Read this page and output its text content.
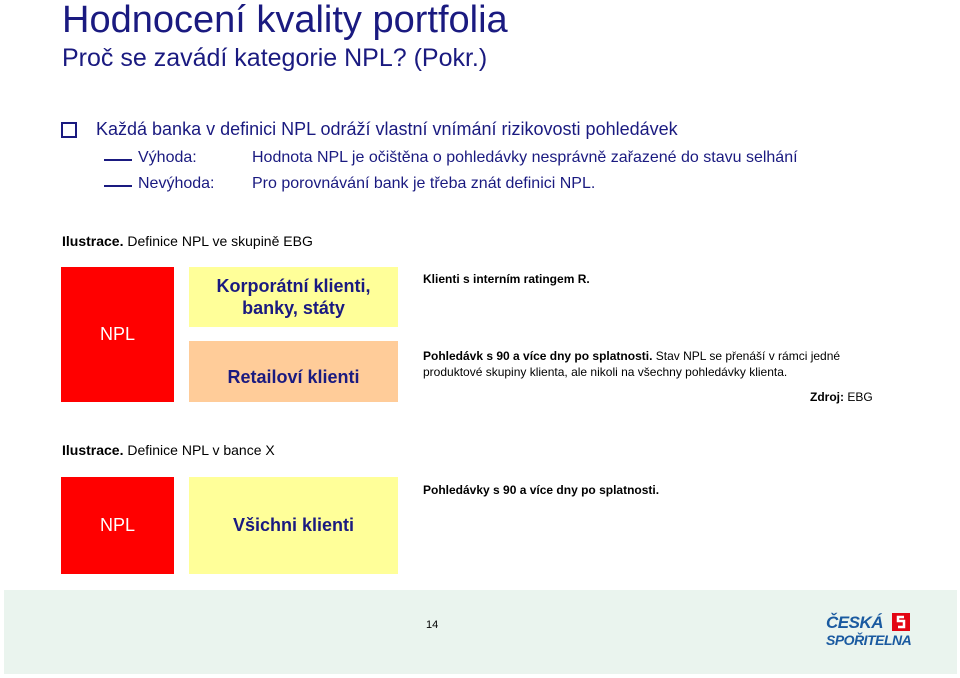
Hodnocení kvality portfolia
Proč se zavádí kategorie NPL? (Pokr.)
Každá banka v definici NPL odráží vlastní vnímání rizikovosti pohledávek
Výhoda:	Hodnota NPL je očištěna o pohledávky nesprávně zařazené do stavu selhání
Nevýhoda: Pro porovnávání bank je třeba znát definici NPL.
Ilustrace. Definice NPL ve skupině EBG
NPL
Korporátní klienti, banky, státy
Retailoví klienti
Klienti s interním ratingem R.
Pohledávk s 90 a více dny po splatnosti. Stav NPL se přenáší v rámci jedné produktové skupiny klienta, ale nikoli na všechny pohledávky klienta.
Zdroj: EBG
Ilustrace. Definice NPL v bance X
NPL	Všichni klienti
Pohledávky s 90 a více dny po splatnosti.
14	ČESKÁ
SPOŘITELNA
